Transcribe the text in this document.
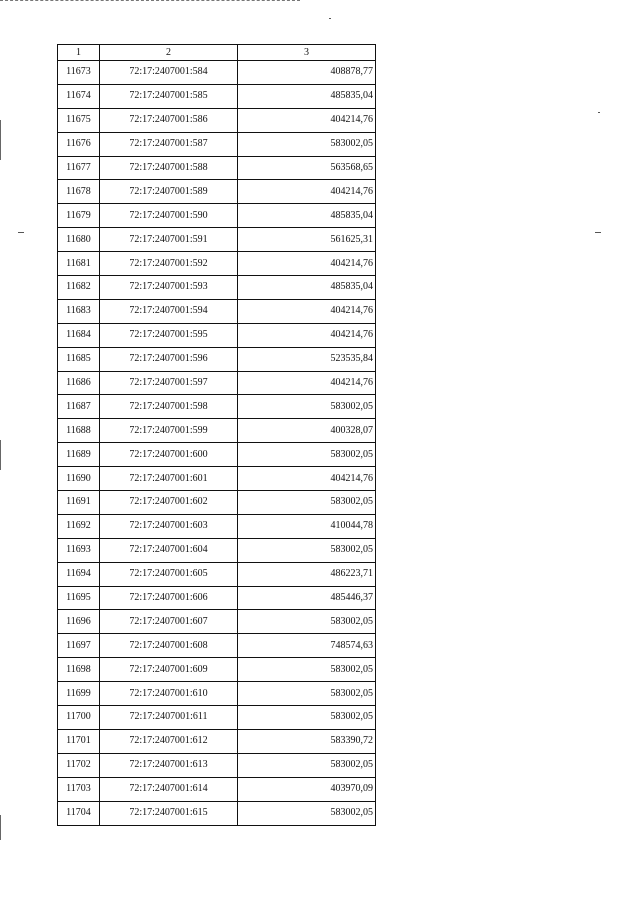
1	2	3
11673	72:17:2407001:584	408878,77
11674	72:17:2407001:585	485835,04
11675	72:17:2407001:586	404214,76
11676	72:17:2407001:587	583002,05
11677	72:17:2407001:588	563568,65
11678	72:17:2407001:589	404214,76
11679	72:17:2407001:590	485835,04
11680	72:17:2407001:591	561625,31
11681	72:17:2407001:592	404214,76
11682	72:17:2407001:593	485835,04
11683	72:17:2407001:594	404214,76
11684	72:17:2407001:595	404214,76
11685	72:17:2407001:596	523535,84
11686	72:17:2407001:597	404214,76
11687	72:17:2407001:598	583002,05
11688	72:17:2407001:599	400328,07
11689	72:17:2407001:600	583002,05
11690	72:17:2407001:601	404214,76
11691	72:17:2407001:602	583002,05
11692	72:17:2407001:603	410044,78
11693	72:17:2407001:604	583002,05
11694	72:17:2407001:605	486223,71
11695	72:17:2407001:606	485446,37
11696	72:17:2407001:607	583002,05
11697	72:17:2407001:608	748574,63
11698	72:17:2407001:609	583002,05
11699	72:17:2407001:610	583002,05
11700	72:17:2407001:611	583002,05
11701	72:17:2407001:612	583390,72
11702	72:17:2407001:613	583002,05
11703	72:17:2407001:614	403970,09
11704	72:17:2407001:615	583002,05
